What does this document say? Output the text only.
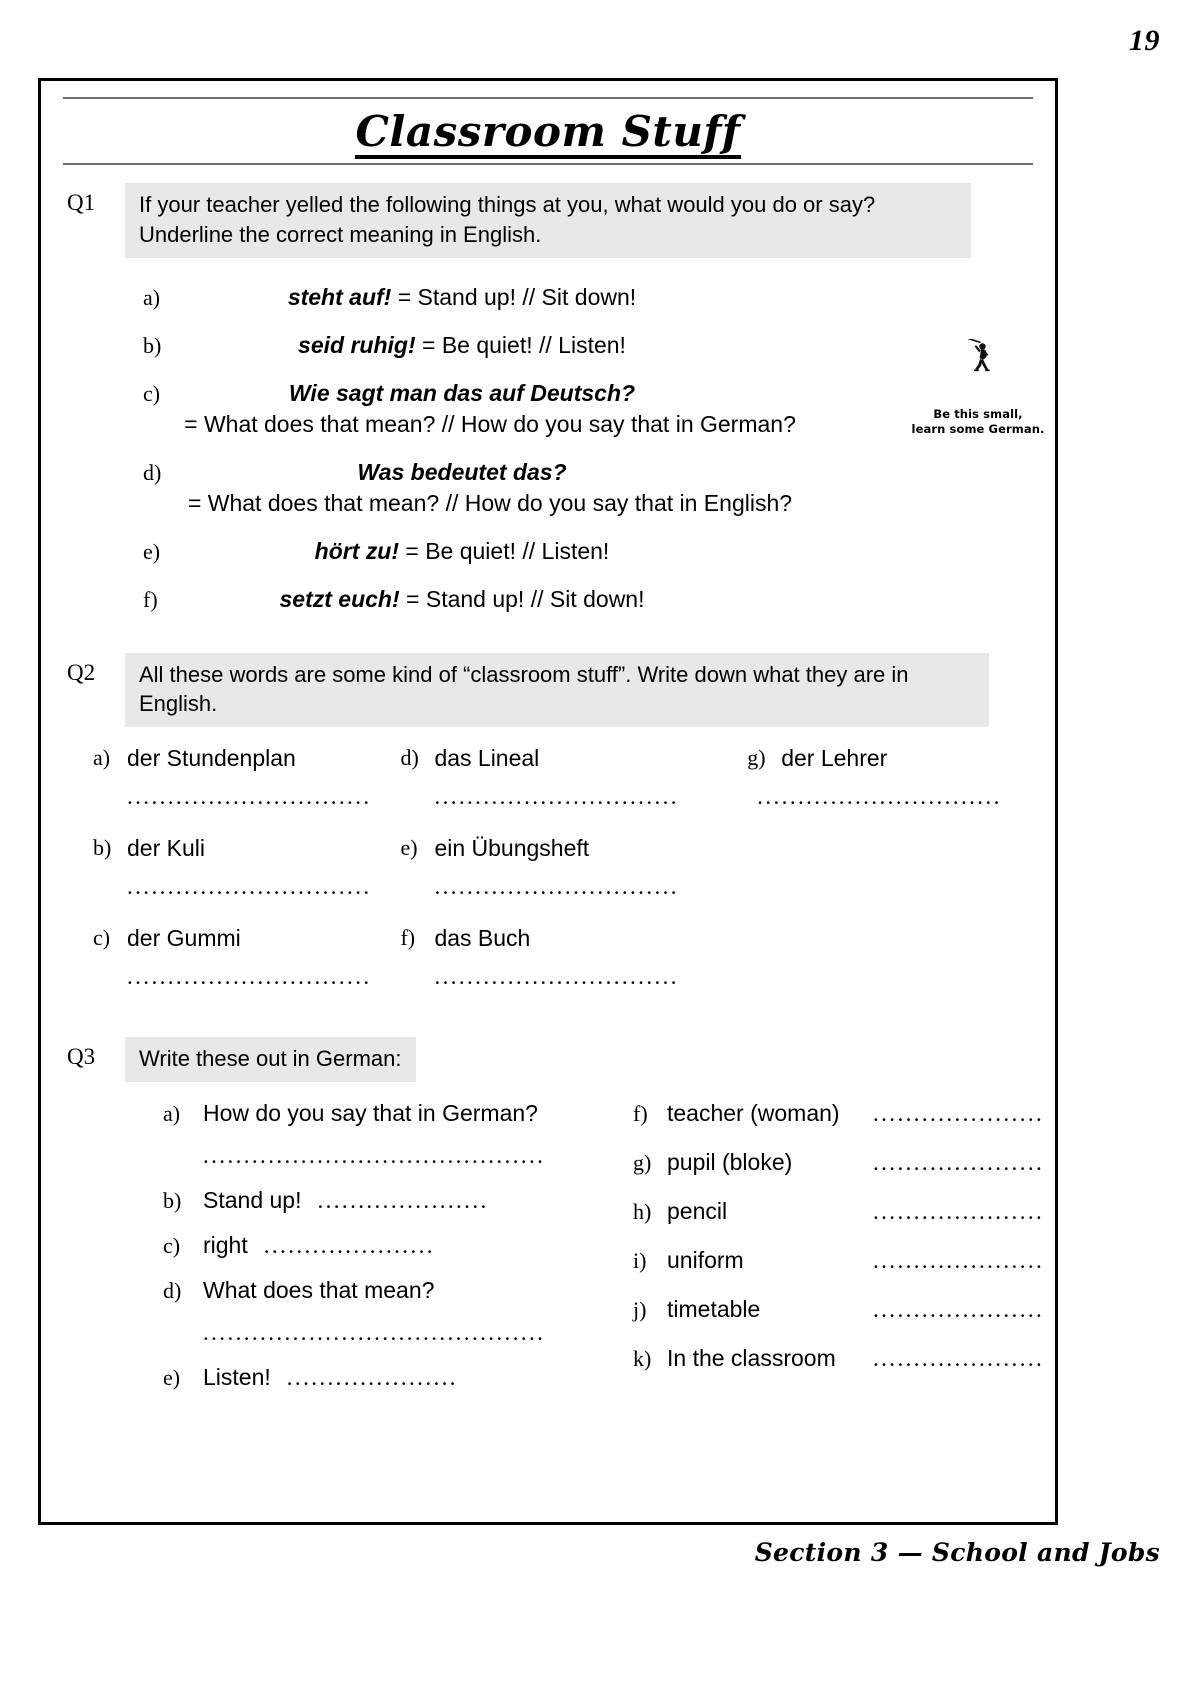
19
Classroom Stuff
Q1	If your teacher yelled the following things at you, what would you do or say? Underline the correct meaning in English.
a)	steht auf! = Stand up! // Sit down!
b)	seid ruhig! = Be quiet! // Listen!
c)	Wie sagt man das auf Deutsch?
= What does that mean? // How do you say that in German?
d)	Was bedeutet das?
= What does that mean? // How do you say that in English?
e)	hört zu! = Be quiet! // Listen!
f)	setzt euch! = Stand up! // Sit down!
Q2	All these words are some kind of “classroom stuff”. Write down what they are in English.
a) der Stundenplan
..............................
d) das Lineal
..............................
g) der Lehrer
..............................
b) der Kuli
..............................
e) ein Übungsheft
..............................
c) der Gummi
..............................
f) das Buch
..............................
Q3	Write these out in German:
a) How do you say that in German?
..........................................
b) Stand up! .....................
c) right .....................
d) What does that mean?
..........................................
e) Listen! .....................
f) teacher (woman)	.....................
g) pupil (bloke)	.....................
h) pencil	.....................
i) uniform	.....................
j) timetable	.....................
k) In the classroom	.....................
Be this small,
learn some German.
Section 3 — School and Jobs
